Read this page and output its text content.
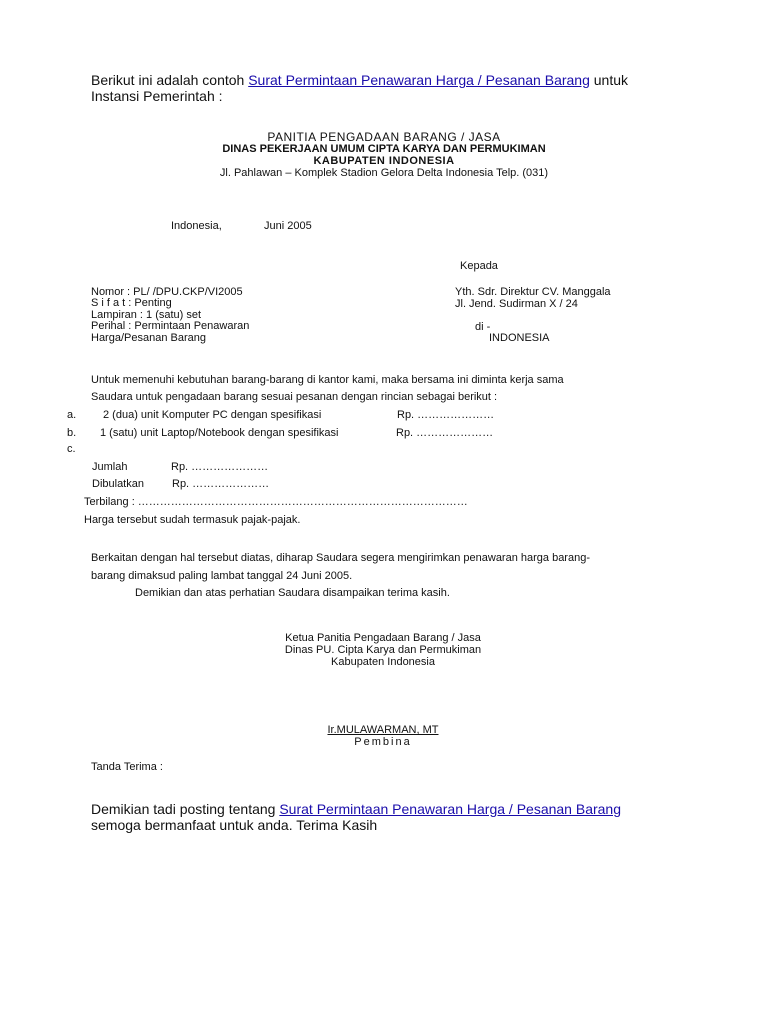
Berikut ini adalah contoh Surat Permintaan Penawaran Harga / Pesanan Barang untuk
Instansi Pemerintah :
PANITIA PENGADAAN BARANG / JASA
DINAS PEKERJAAN UMUM CIPTA KARYA DAN PERMUKIMAN
KABUPATEN INDONESIA
Jl. Pahlawan – Komplek Stadion Gelora Delta Indonesia Telp. (031)
Indonesia,	Juni 2005
Kepada
Yth. Sdr. Direktur CV. Manggala
Jl. Jend. Sudirman X / 24
di -
INDONESIA
Nomor : PL/ /DPU.CKP/VI2005
S i f a t : Penting
Lampiran : 1 (satu) set
Perihal : Permintaan Penawaran
Harga/Pesanan Barang
Untuk memenuhi kebutuhan barang-barang di kantor kami, maka bersama ini diminta kerja sama
Saudara untuk pengadaan barang sesuai pesanan dengan rincian sebagai berikut :
a. 2 (dua) unit Komputer PC dengan spesifikasi	Rp. …………………
b. 1 (satu) unit Laptop/Notebook dengan spesifikasi	Rp. …………………
c.
Jumlah	Rp. …………………
Dibulatkan	Rp. …………………
Terbilang : ………………………………………………………………………………
Harga tersebut sudah termasuk pajak-pajak.
Berkaitan dengan hal tersebut diatas, diharap Saudara segera mengirimkan penawaran harga barang-
barang dimaksud paling lambat tanggal 24 Juni 2005.
Demikian dan atas perhatian Saudara disampaikan terima kasih.
Ketua Panitia Pengadaan Barang / Jasa
Dinas PU. Cipta Karya dan Permukiman
Kabupaten Indonesia
Ir.MULAWARMAN, MT
Pembina
Tanda Terima :
Demikian tadi posting tentang Surat Permintaan Penawaran Harga / Pesanan Barang
semoga bermanfaat untuk anda. Terima Kasih
